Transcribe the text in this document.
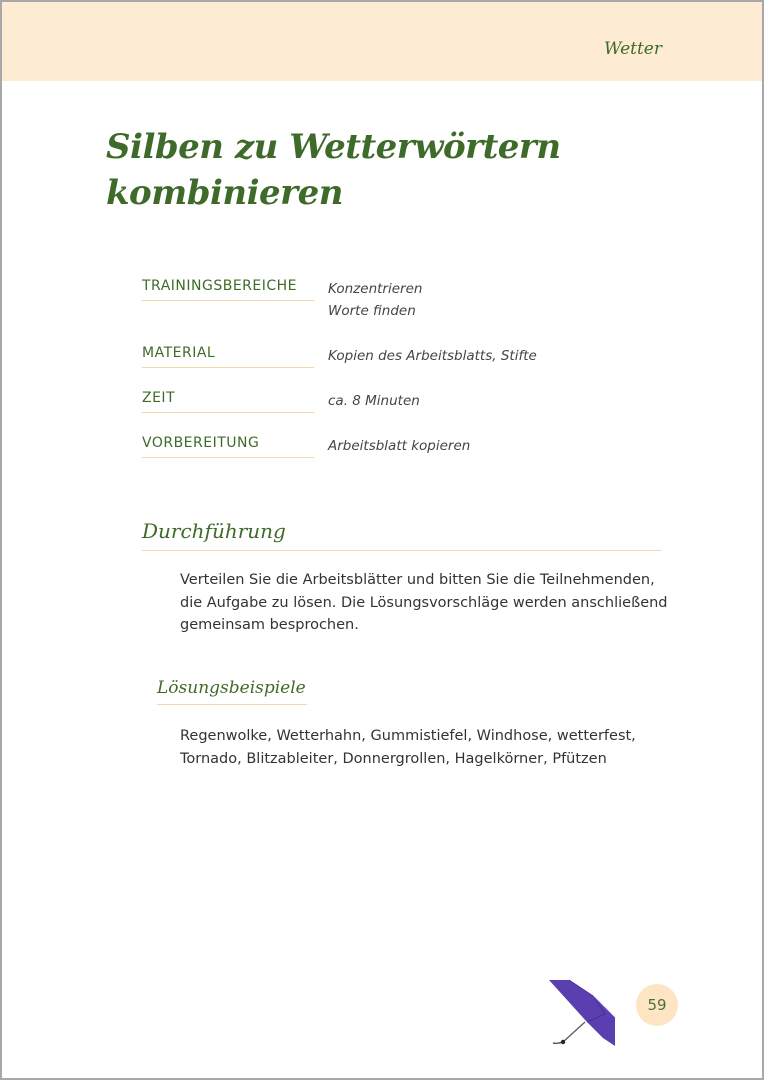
Wetter
Silben zu Wetterwörtern
kombinieren
TRAININGSBEREICHE	Konzentrieren
Worte finden
MATERIAL	Kopien des Arbeitsblatts, Stifte
ZEIT	ca. 8 Minuten
VORBEREITUNG	Arbeitsblatt kopieren
Durchführung
Verteilen Sie die Arbeitsblätter und bitten Sie die Teilnehmenden, die Aufgabe zu lösen. Die Lösungsvorschläge werden anschließend gemeinsam besprochen.
Lösungsbeispiele
Regenwolke, Wetterhahn, Gummistiefel, Windhose, wetterfest,
Tornado, Blitzableiter, Donnergrollen, Hagelkörner, Pfützen
59
